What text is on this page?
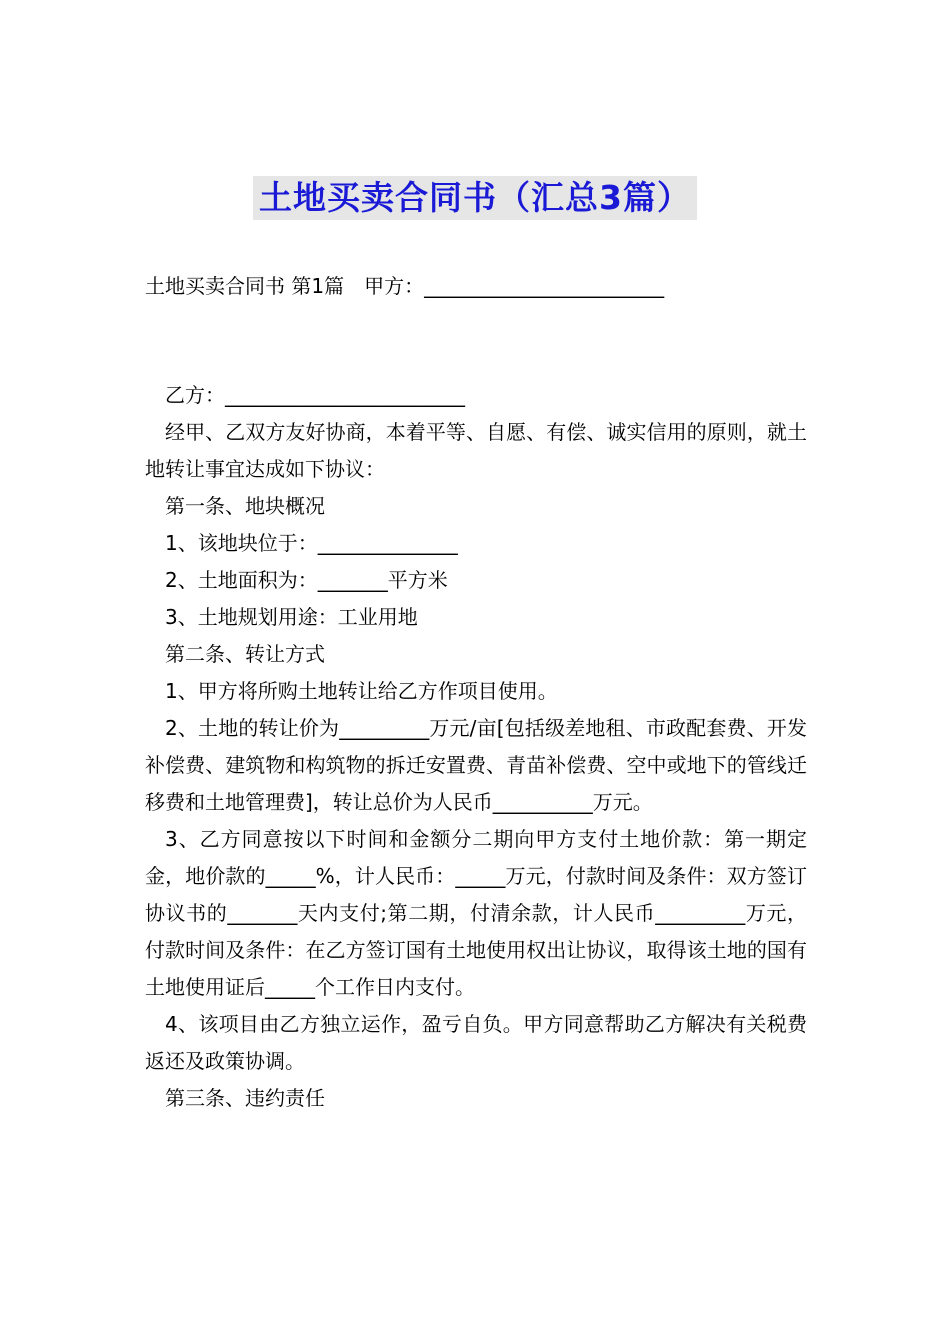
土地买卖合同书（汇总3篇）

土地买卖合同书 第1篇　甲方：________________________

乙方：________________________

经甲、乙双方友好协商，本着平等、自愿、有偿、诚实信用的原则，就土地转让事宜达成如下协议：

第一条、地块概况

1、该地块位于：______________

2、土地面积为：_______平方米

3、土地规划用途：工业用地

第二条、转让方式

1、甲方将所购土地转让给乙方作项目使用。

2、土地的转让价为_________万元/亩[包括级差地租、市政配套费、开发补偿费、建筑物和构筑物的拆迁安置费、青苗补偿费、空中或地下的管线迁移费和土地管理费]，转让总价为人民币__________万元。

3、乙方同意按以下时间和金额分二期向甲方支付土地价款：第一期定金，地价款的_____%，计人民币：_____万元，付款时间及条件：双方签订协议书的_______天内支付;第二期，付清余款，计人民币_________万元，付款时间及条件：在乙方签订国有土地使用权出让协议，取得该土地的国有土地使用证后_____个工作日内支付。

4、该项目由乙方独立运作，盈亏自负。甲方同意帮助乙方解决有关税费返还及政策协调。

第三条、违约责任
